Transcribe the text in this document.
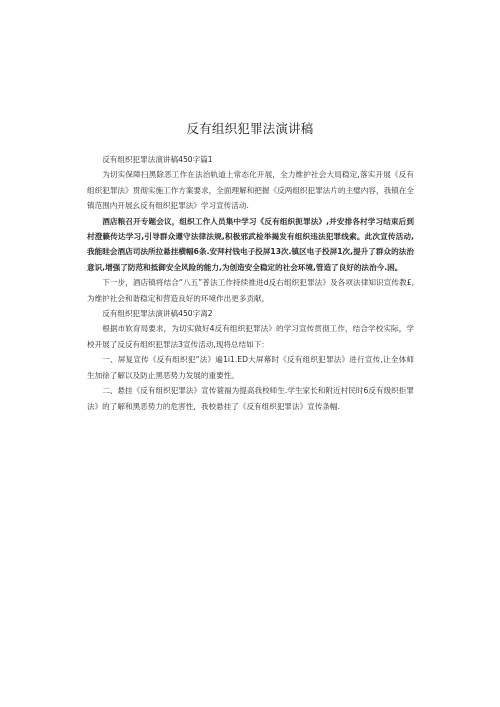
反有组织犯罪法演讲稿

反有组织犯罪法演讲稿450字篇1

为切实保障扫黑除恶工作在法治轨道上常态化开展，全力维护社会大局稳定,落实开展《反有组织犯罪法》贯彻实施工作方案要求，全面理解和把握《反两组织犯罪法片的主璧内容，我镇在全镇范围内开展幺反有组织犯罪法》学习宣传活动.

酒店粮召开专题会议，组织工作人员集中学习《反有组织扼罪法》,并安排各村学习结束后到村澄籁传达学习,引导群众遵守法律法规,积极邪武检举揭发有组织违法犯罪线索。此次宣传活动,我能眭会酒店司法所拉悬挂横幅6条.安拜村钱电子投屏13次.镇区电子投屏1次,提升了群众的法治意识,增强了防范和抵御安全风险的能力,为创造安全稳定的社会环境,管造了良好的法治今.困。

下一步，酒店镇将结合“八五”普法工作持续推进d反右组织犯罪法》及各项法律知识宣传教£,为维护社会和谐稳定和营造良好的环境作出更多贡献，

反有组织犯罪法演讲稿450字离2

根据市软育局要求，为切实做好4反有组织犯罪法》的学习宣传贯彻工作，结合学校实际，学校开展了反反有组织犯罪法3宣传活动,现将总结如下：

一、屏复宣传《反有组织犯“法》遍1i1.ED大屏幕时《反有组织犯罪法》进行宣传,让全体师生加徐了解以及防止黑恶势力发展的重要性。

二、悬挂《反有组织犯罪法》宣传蓑福为提高我校师生.学生家长和附近村民时6反有级织拒罪法》的了解和黑恶势力的危害性，我校悬挂了《反有组织犯罪法》宣传条幅.
